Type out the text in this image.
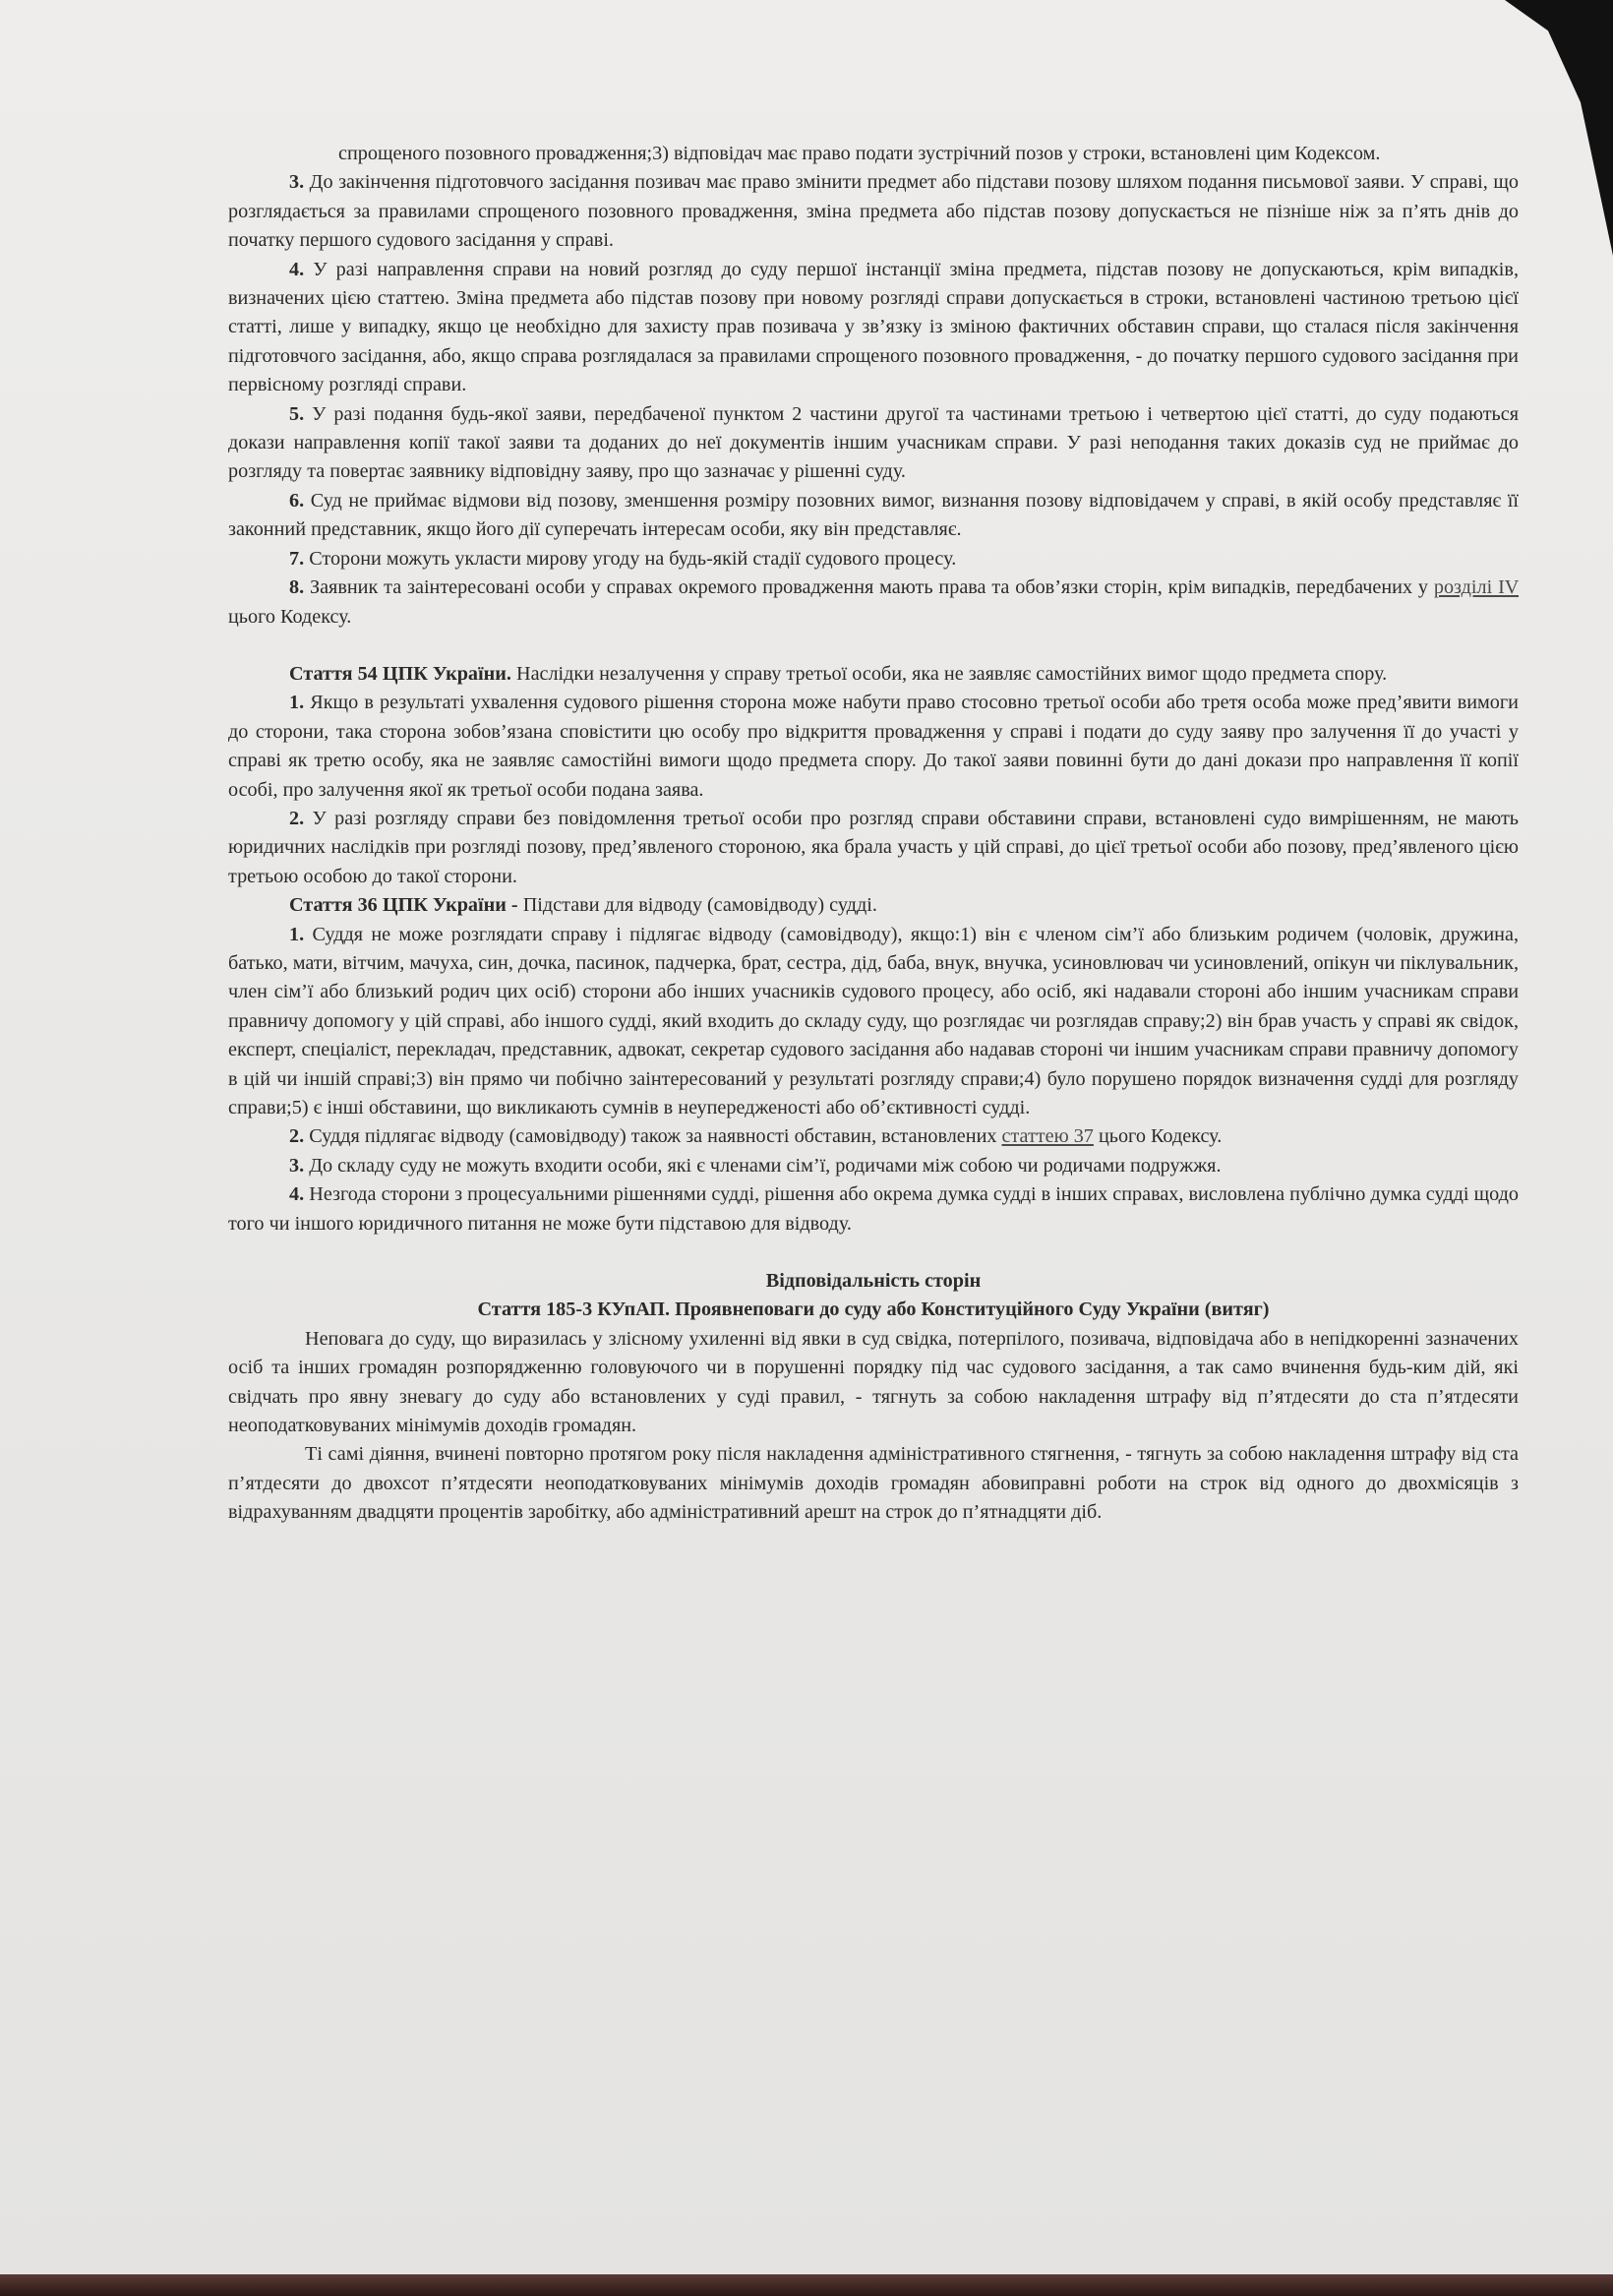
спрощеного позовного провадження;3) відповідач має право подати зустрічний позов у строки, встановлені цим Кодексом.

3. До закінчення підготовчого засідання позивач має право змінити предмет або підстави позову шляхом подання письмової заяви. У справі, що розглядається за правилами спрощеного позовного провадження, зміна предмета або підстав позову допускається не пізніше ніж за п’ять днів до початку першого судового засідання у справі.

4. У разі направлення справи на новий розгляд до суду першої інстанції зміна предмета, підстав позову не допускаються, крім випадків, визначених цією статтею. Зміна предмета або підстав позову при новому розгляді справи допускається в строки, встановлені частиною третьою цієї статті, лише у випадку, якщо це необхідно для захисту прав позивача у зв’язку із зміною фактичних обставин справи, що сталася після закінчення підготовчого засідання, або, якщо справа розглядалася за правилами спрощеного позовного провадження, - до початку першого судового засідання при первісному розгляді справи.

5. У разі подання будь-якої заяви, передбаченої пунктом 2 частини другої та частинами третьою і четвертою цієї статті, до суду подаються докази направлення копії такої заяви та доданих до неї документів іншим учасникам справи. У разі неподання таких доказів суд не приймає до розгляду та повертає заявнику відповідну заяву, про що зазначає у рішенні суду.

6. Суд не приймає відмови від позову, зменшення розміру позовних вимог, визнання позову відповідачем у справі, в якій особу представляє її законний представник, якщо його дії суперечать інтересам особи, яку він представляє.

7. Сторони можуть укласти мирову угоду на будь-якій стадії судового процесу.

8. Заявник та заінтересовані особи у справах окремого провадження мають права та обов’язки сторін, крім випадків, передбачених у розділі IV цього Кодексу.

Стаття 54 ЦПК України. Наслідки незалучення у справу третьої особи, яка не заявляє самостійних вимог щодо предмета спору.

1. Якщо в результаті ухвалення судового рішення сторона може набути право стосовно третьої особи або третя особа може пред’явити вимоги до сторони, така сторона зобов’язана сповістити цю особу про відкриття провадження у справі і подати до суду заяву про залучення її до участі у справі як третю особу, яка не заявляє самостійні вимоги щодо предмета спору. До такої заяви повинні бути до дані докази про направлення її копії особі, про залучення якої як третьої особи подана заява.

2. У разі розгляду справи без повідомлення третьої особи про розгляд справи обставини справи, встановлені судо вимрішенням, не мають юридичних наслідків при розгляді позову, пред’явленого стороною, яка брала участь у цій справі, до цієї третьої особи або позову, пред’явленого цією третьою особою до такої сторони.

Стаття 36 ЦПК України - Підстави для відводу (самовідводу) судді.

1. Суддя не може розглядати справу і підлягає відводу (самовідводу), якщо:1) він є членом сім’ї або близьким родичем (чоловік, дружина, батько, мати, вітчим, мачуха, син, дочка, пасинок, падчерка, брат, сестра, дід, баба, внук, внучка, усиновлювач чи усиновлений, опікун чи піклувальник, член сім’ї або близький родич цих осіб) сторони або інших учасників судового процесу, або осіб, які надавали стороні або іншим учасникам справи правничу допомогу у цій справі, або іншого судді, який входить до складу суду, що розглядає чи розглядав справу;2) він брав участь у справі як свідок, експерт, спеціаліст, перекладач, представник, адвокат, секретар судового засідання або надавав стороні чи іншим учасникам справи правничу допомогу в цій чи іншій справі;3) він прямо чи побічно заінтересований у результаті розгляду справи;4) було порушено порядок визначення судді для розгляду справи;5) є інші обставини, що викликають сумнів в неупередженості або об’єктивності судді.

2. Суддя підлягає відводу (самовідводу) також за наявності обставин, встановлених статтею 37 цього Кодексу.

3. До складу суду не можуть входити особи, які є членами сім’ї, родичами між собою чи родичами подружжя.

4. Незгода сторони з процесуальними рішеннями судді, рішення або окрема думка судді в інших справах, висловлена публічно думка судді щодо того чи іншого юридичного питання не може бути підставою для відводу.

Відповідальність сторін

Стаття 185-3 КУпАП. Проявнеповаги до суду або Конституційного Суду України (витяг)

Неповага до суду, що виразилась у злісному ухиленні від явки в суд свідка, потерпілого, позивача, відповідача або в непідкоренні зазначених осіб та інших громадян розпорядженню головуючого чи в порушенні порядку під час судового засідання, а так само вчинення будь-ким дій, які свідчать про явну зневагу до суду або встановлених у суді правил, - тягнуть за собою накладення штрафу від п’ятдесяти до ста п’ятдесяти неоподатковуваних мінімумів доходів громадян.

Ті самі діяння, вчинені повторно протягом року після накладення адміністративного стягнення, - тягнуть за собою накладення штрафу від ста п’ятдесяти до двохсот п’ятдесяти неоподатковуваних мінімумів доходів громадян абовиправні роботи на строк від одного до двохмісяців з відрахуванням двадцяти процентів заробітку, або адміністративний арешт на строк до п’ятнадцяти діб.
